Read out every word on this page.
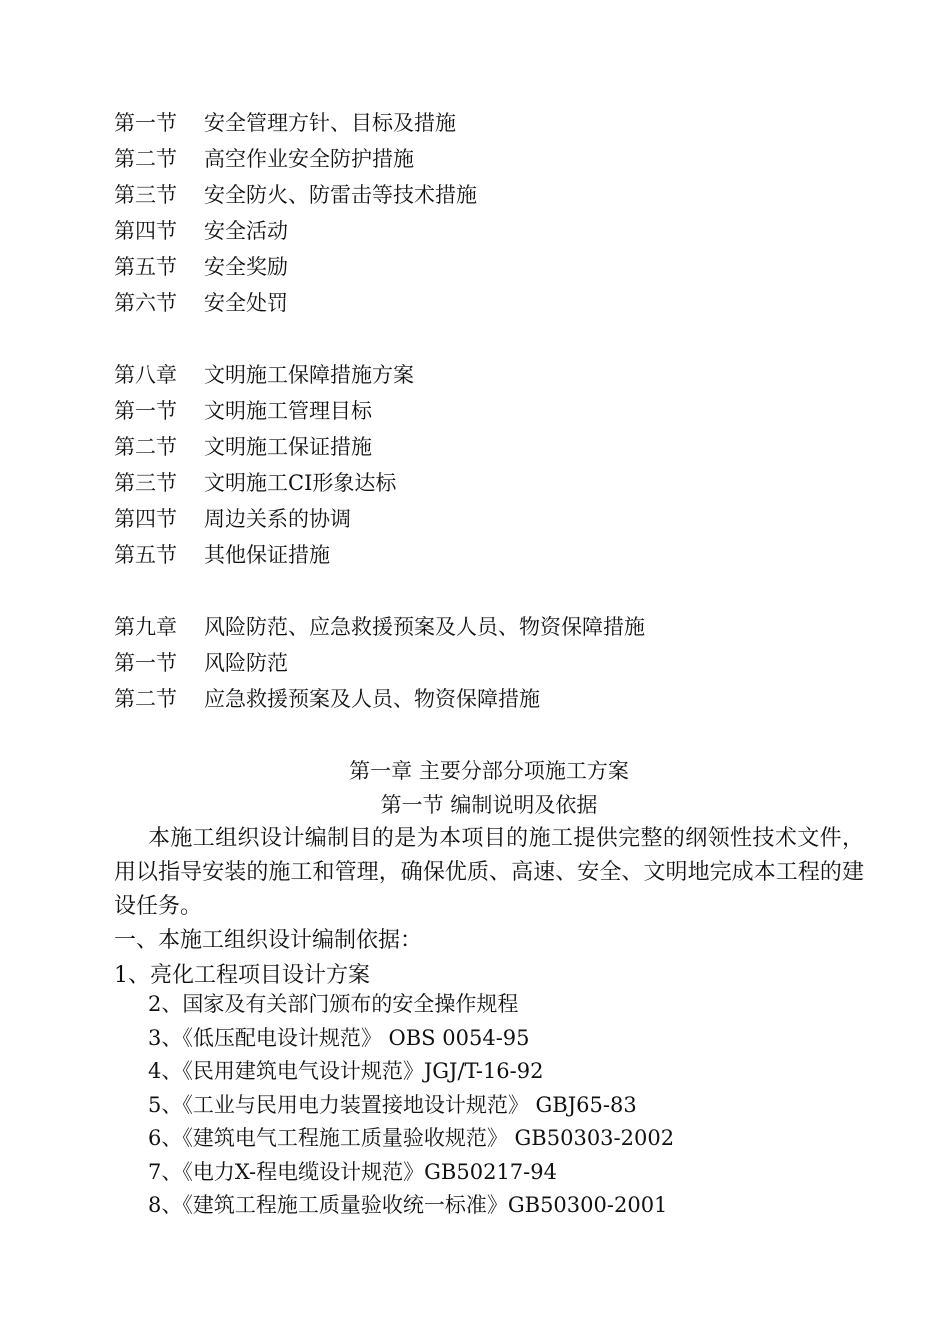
第一节 安全管理方针、目标及措施
第二节 高空作业安全防护措施
第三节 安全防火、防雷击等技术措施
第四节 安全活动
第五节 安全奖励
第六节 安全处罚
第八章 文明施工保障措施方案
第一节 文明施工管理目标
第二节 文明施工保证措施
第三节 文明施工CI形象达标
第四节 周边关系的协调
第五节 其他保证措施
第九章 风险防范、应急救援预案及人员、物资保障措施
第一节 风险防范
第二节 应急救援预案及人员、物资保障措施
第一章 主要分部分项施工方案
第一节 编制说明及依据

本施工组织设计编制目的是为本项目的施工提供完整的纲领性技术文件，用以指导安装的施工和管理，确保优质、高速、安全、文明地完成本工程的建设任务。

一、本施工组织设计编制依据：
1、亮化工程项目设计方案
2、国家及有关部门颁布的安全操作规程
3、《低压配电设计规范》 OBS 0054-95
4、《民用建筑电气设计规范》JGJ/T-16-92
5、《工业与民用电力装置接地设计规范》 GBJ65-83
6、《建筑电气工程施工质量验收规范》 GB50303-2002
7、《电力X-程电缆设计规范》GB50217-94
8、《建筑工程施工质量验收统一标准》GB50300-2001
